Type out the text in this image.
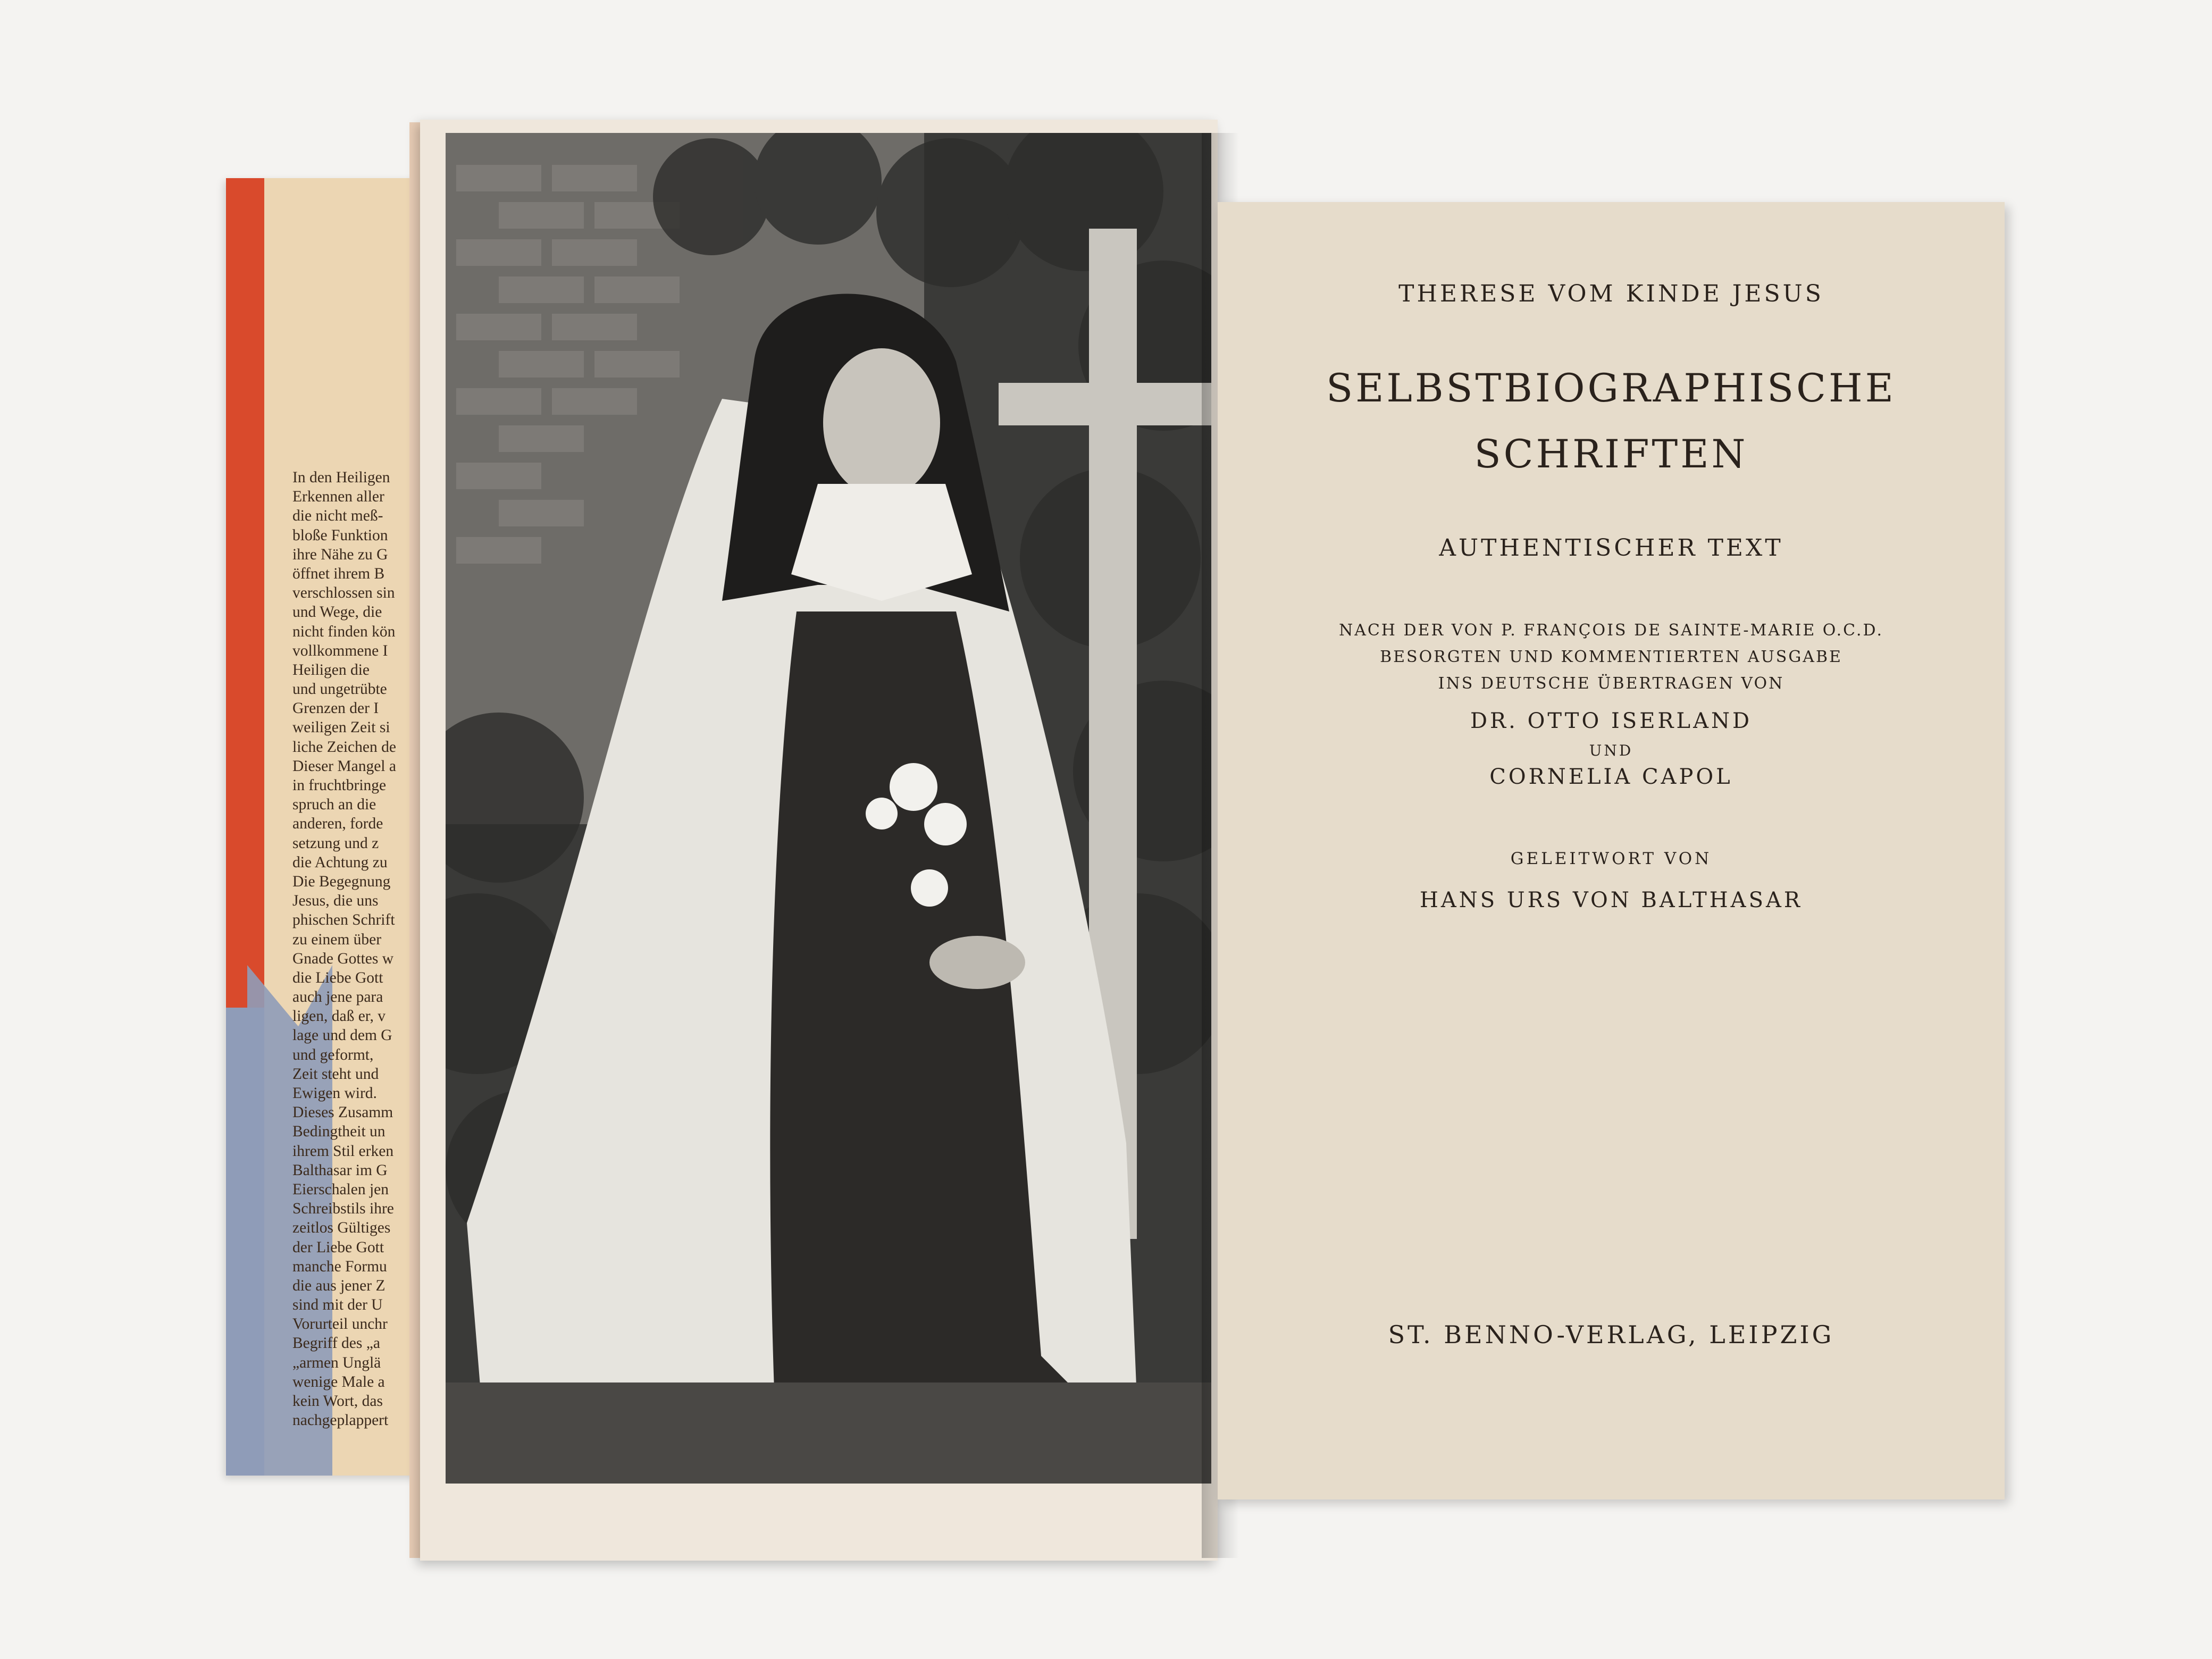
In den Heiligen
Erkennen aller
die nicht meß-
bloße Funktion
ihre Nähe zu G
öffnet ihrem B
verschlossen sin
und Wege, die
nicht finden kön
vollkommene I
Heiligen die
und ungetrübte
Grenzen der I
weiligen Zeit si
liche Zeichen de
Dieser Mangel a
in fruchtbringe
spruch an die
anderen, forde
setzung und z
die Achtung zu
Die Begegnung
Jesus, die uns
phischen Schrift
zu einem über
Gnade Gottes w
die Liebe Gott
auch jene para
ligen, daß er, v
lage und dem G
und geformt,
Zeit steht und
Ewigen wird.
Dieses Zusamm
Bedingtheit un
ihrem Stil erken
Balthasar im G
Eierschalen jen
Schreibstils ihre
zeitlos Gültiges
der Liebe Gott
manche Formu
die aus jener Z
sind mit der U
Vorurteil unchr
Begriff des „a
„armen Unglä
wenige Male a
kein Wort, das
nachgeplappert
THERESE VOM KINDE JESUS
SELBSTBIOGRAPHISCHE
SCHRIFTEN
AUTHENTISCHER TEXT
NACH DER VON P. FRANÇOIS DE SAINTE-MARIE O.C.D.
BESORGTEN UND KOMMENTIERTEN AUSGABE
INS DEUTSCHE ÜBERTRAGEN VON
DR. OTTO ISERLAND
UND
CORNELIA CAPOL
GELEITWORT VON
HANS URS VON BALTHASAR
ST. BENNO-VERLAG, LEIPZIG
